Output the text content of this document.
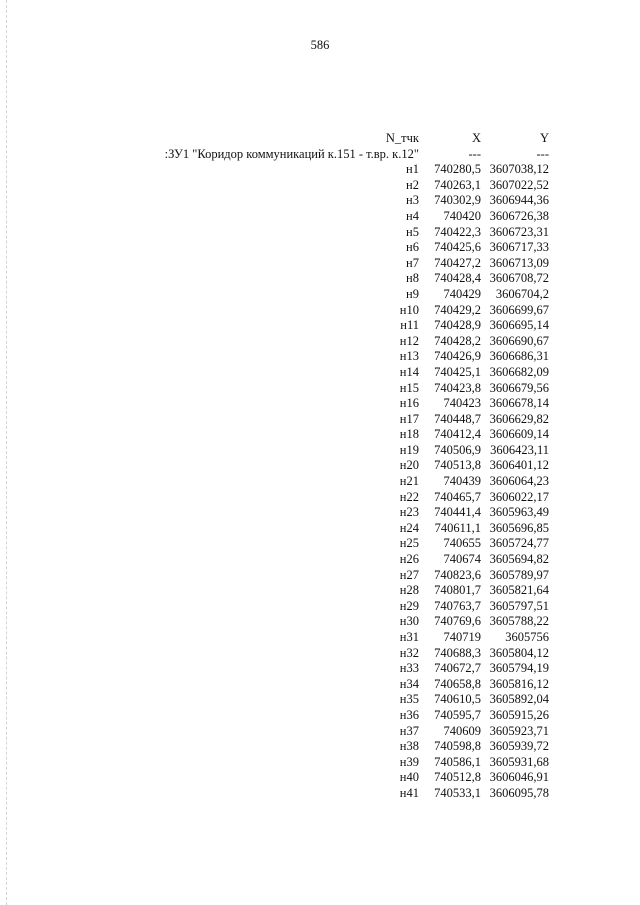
586
N_тчк	X	Y
:ЗУ1 "Коридор коммуникаций к.151 - т.вр. к.12"	---	---
н1 740280,5 3607038,12
н2 740263,1 3607022,52
н3 740302,9 3606944,36
н4 740420 3606726,38
н5 740422,3 3606723,31
н6 740425,6 3606717,33
н7 740427,2 3606713,09
н8 740428,4 3606708,72
н9 740429 3606704,2
н10 740429,2 3606699,67
н11 740428,9 3606695,14
н12 740428,2 3606690,67
н13 740426,9 3606686,31
н14 740425,1 3606682,09
н15 740423,8 3606679,56
н16 740423 3606678,14
н17 740448,7 3606629,82
н18 740412,4 3606609,14
н19 740506,9 3606423,11
н20 740513,8 3606401,12
н21 740439 3606064,23
н22 740465,7 3606022,17
н23 740441,4 3605963,49
н24 740611,1 3605696,85
н25 740655 3605724,77
н26 740674 3605694,82
н27 740823,6 3605789,97
н28 740801,7 3605821,64
н29 740763,7 3605797,51
н30 740769,6 3605788,22
н31 740719 3605756
н32 740688,3 3605804,12
н33 740672,7 3605794,19
н34 740658,8 3605816,12
н35 740610,5 3605892,04
н36 740595,7 3605915,26
н37 740609 3605923,71
н38 740598,8 3605939,72
н39 740586,1 3605931,68
н40 740512,8 3606046,91
н41 740533,1 3606095,78
